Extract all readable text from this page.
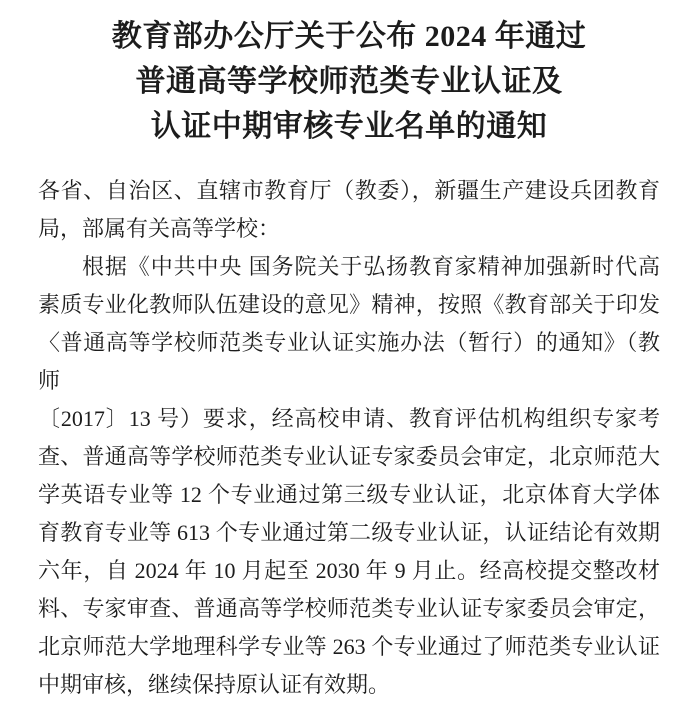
教育部办公厅关于公布 2024 年通过
普通高等学校师范类专业认证及
认证中期审核专业名单的通知
各省、自治区、直辖市教育厅（教委），新疆生产建设兵团教育
局，部属有关高等学校：
根据《中共中央 国务院关于弘扬教育家精神加强新时代高
素质专业化教师队伍建设的意见》精神，按照《教育部关于印发
〈普通高等学校师范类专业认证实施办法（暂行）的通知》（教师
〔2017〕13 号）要求，经高校申请、教育评估机构组织专家考
查、普通高等学校师范类专业认证专家委员会审定，北京师范大
学英语专业等 12 个专业通过第三级专业认证，北京体育大学体
育教育专业等 613 个专业通过第二级专业认证，认证结论有效期
六年，自 2024 年 10 月起至 2030 年 9 月止。经高校提交整改材
料、专家审查、普通高等学校师范类专业认证专家委员会审定，
北京师范大学地理科学专业等 263 个专业通过了师范类专业认证
中期审核，继续保持原认证有效期。
